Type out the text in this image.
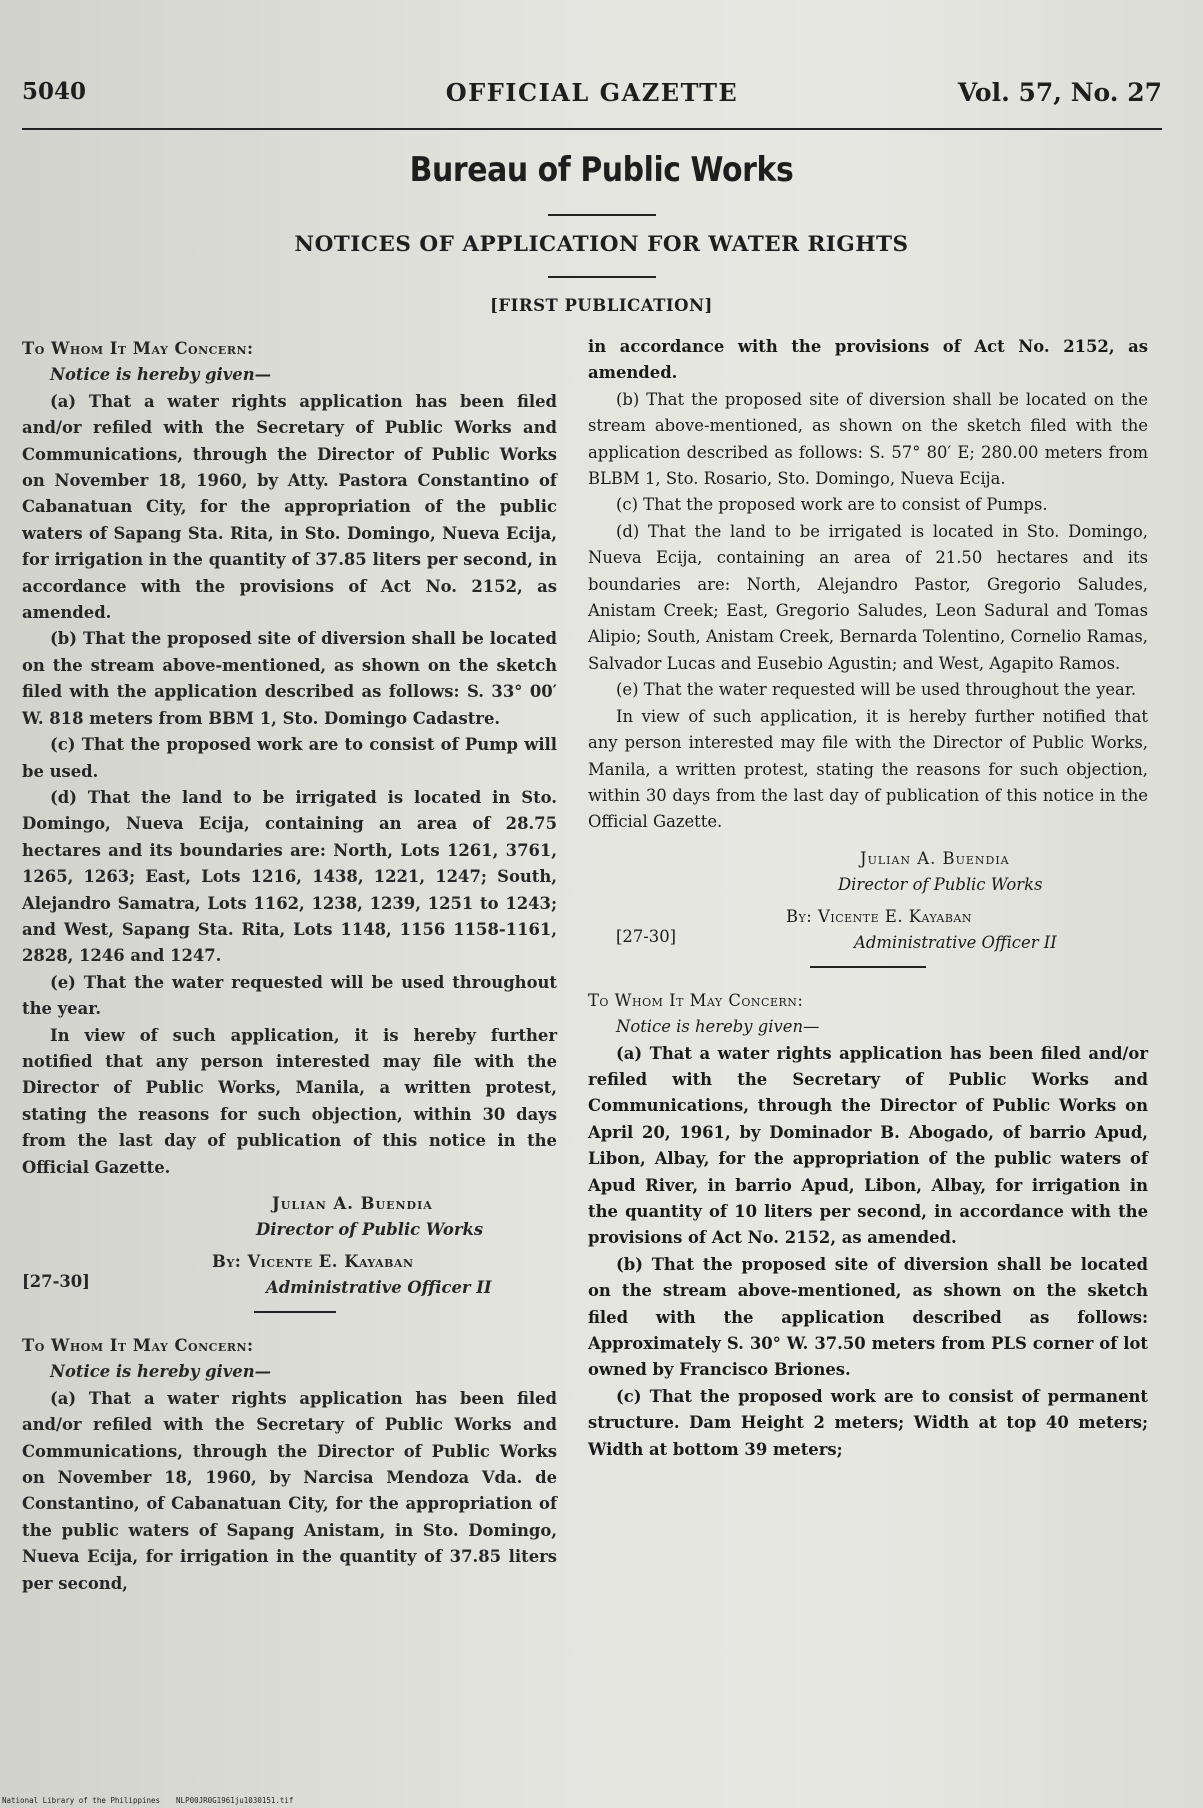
5040	OFFICIAL GAZETTE	Vol. 57, No. 27
Bureau of Public Works
NOTICES OF APPLICATION FOR WATER RIGHTS
[FIRST PUBLICATION]

To Whom It May Concern:

Notice is hereby given—

(a) That a water rights application has been filed and/or refiled with the Secretary of Public Works and Communications, through the Director of Public Works on November 18, 1960, by Atty. Pastora Constantino of Cabanatuan City, for the appropriation of the public waters of Sapang Sta. Rita, in Sto. Domingo, Nueva Ecija, for irrigation in the quantity of 37.85 liters per second, in accordance with the provisions of Act No. 2152, as amended.

(b) That the proposed site of diversion shall be located on the stream above-mentioned, as shown on the sketch filed with the application described as follows: S. 33° 00′ W. 818 meters from BBM 1, Sto. Domingo Cadastre.

(c) That the proposed work are to consist of Pump will be used.

(d) That the land to be irrigated is located in Sto. Domingo, Nueva Ecija, containing an area of 28.75 hectares and its boundaries are: North, Lots 1261, 3761, 1265, 1263; East, Lots 1216, 1438, 1221, 1247; South, Alejandro Samatra, Lots 1162, 1238, 1239, 1251 to 1243; and West, Sapang Sta. Rita, Lots 1148, 1156 1158-1161, 2828, 1246 and 1247.

(e) That the water requested will be used throughout the year.

In view of such application, it is hereby further notified that any person interested may file with the Director of Public Works, Manila, a written protest, stating the reasons for such objection, within 30 days from the last day of publication of this notice in the Official Gazette.

Julian A. Buendia
Director of Public Works
By: Vicente E. Kayaban
Administrative Officer II
[27-30]

To Whom It May Concern:

Notice is hereby given—

(a) That a water rights application has been filed and/or refiled with the Secretary of Public Works and Communications, through the Director of Public Works on November 18, 1960, by Narcisa Mendoza Vda. de Constantino, of Cabanatuan City, for the appropriation of the public waters of Sapang Anistam, in Sto. Domingo, Nueva Ecija, for irrigation in the quantity of 37.85 liters per second,

in accordance with the provisions of Act No. 2152, as amended.

(b) That the proposed site of diversion shall be located on the stream above-mentioned, as shown on the sketch filed with the application described as follows: S. 57° 80′ E; 280.00 meters from BLBM 1, Sto. Rosario, Sto. Domingo, Nueva Ecija.

(c) That the proposed work are to consist of Pumps.

(d) That the land to be irrigated is located in Sto. Domingo, Nueva Ecija, containing an area of 21.50 hectares and its boundaries are: North, Alejandro Pastor, Gregorio Saludes, Anistam Creek; East, Gregorio Saludes, Leon Sadural and Tomas Alipio; South, Anistam Creek, Bernarda Tolentino, Cornelio Ramas, Salvador Lucas and Eusebio Agustin; and West, Agapito Ramos.

(e) That the water requested will be used throughout the year.

In view of such application, it is hereby further notified that any person interested may file with the Director of Public Works, Manila, a written protest, stating the reasons for such objection, within 30 days from the last day of publication of this notice in the Official Gazette.

Julian A. Buendia
Director of Public Works
By: Vicente E. Kayaban
Administrative Officer II
[27-30]

To Whom It May Concern:

Notice is hereby given—

(a) That a water rights application has been filed and/or refiled with the Secretary of Public Works and Communications, through the Director of Public Works on April 20, 1961, by Dominador B. Abogado, of barrio Apud, Libon, Albay, for the appropriation of the public waters of Apud River, in barrio Apud, Libon, Albay, for irrigation in the quantity of 10 liters per second, in accordance with the provisions of Act No. 2152, as amended.

(b) That the proposed site of diversion shall be located on the stream above-mentioned, as shown on the sketch filed with the application described as follows: Approximately S. 30° W. 37.50 meters from PLS corner of lot owned by Francisco Briones.

(c) That the proposed work are to consist of permanent structure. Dam Height 2 meters; Width at top 40 meters; Width at bottom 39 meters;

National Library of the Philippines NLP00JR0G1961ju1030151.tif
